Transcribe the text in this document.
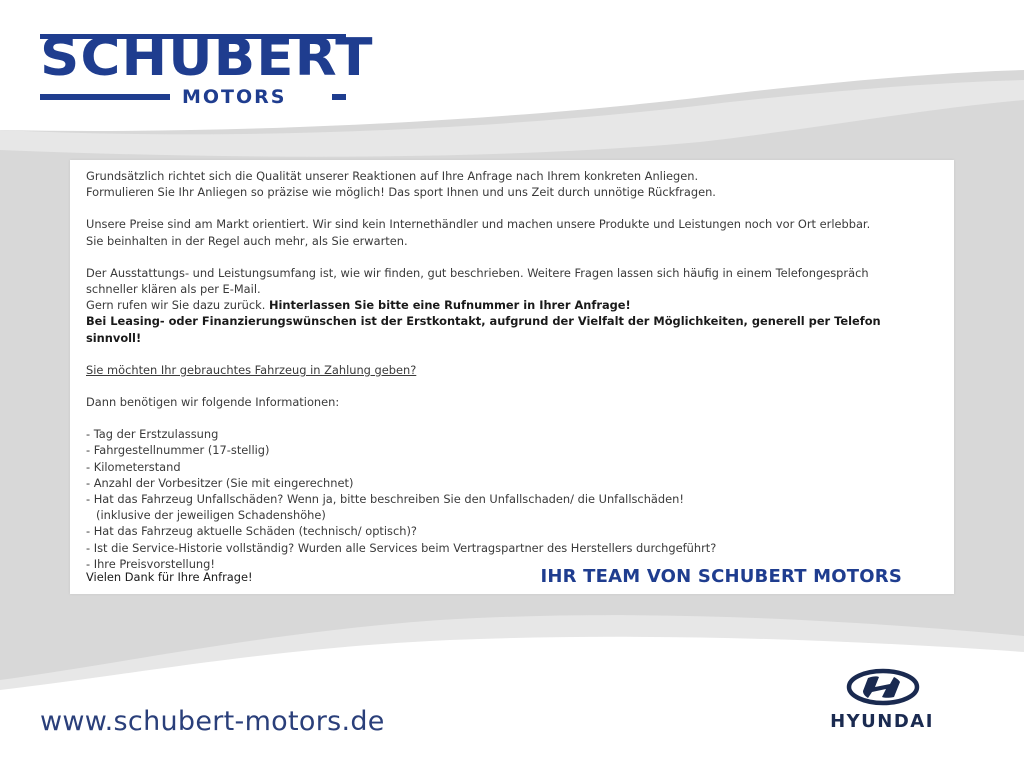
SCHUBERT
MOTORS

Grundsätzlich richtet sich die Qualität unserer Reaktionen auf Ihre Anfrage nach Ihrem konkreten Anliegen.

Formulieren Sie Ihr Anliegen so präzise wie möglich! Das sport Ihnen und uns Zeit durch unnötige Rückfragen.

Unsere Preise sind am Markt orientiert. Wir sind kein Internethändler und machen unsere Produkte und Leistungen noch vor Ort erlebbar.

Sie beinhalten in der Regel auch mehr, als Sie erwarten.

Der Ausstattungs- und Leistungsumfang ist, wie wir finden, gut beschrieben. Weitere Fragen lassen sich häufig in einem Telefongespräch

schneller klären als per E-Mail.

Gern rufen wir Sie dazu zurück. Hinterlassen Sie bitte eine Rufnummer in Ihrer Anfrage!

Bei Leasing- oder Finanzierungswünschen ist der Erstkontakt, aufgrund der Vielfalt der Möglichkeiten, generell per Telefon sinnvoll!

Sie möchten Ihr gebrauchtes Fahrzeug in Zahlung geben?

Dann benötigen wir folgende Informationen:

- Tag der Erstzulassung
- Fahrgestellnummer (17-stellig)
- Kilometerstand
- Anzahl der Vorbesitzer (Sie mit eingerechnet)
- Hat das Fahrzeug Unfallschäden? Wenn ja, bitte beschreiben Sie den Unfallschaden/ die Unfallschäden!
(inklusive der jeweiligen Schadenshöhe)
- Hat das Fahrzeug aktuelle Schäden (technisch/ optisch)?
- Ist die Service-Historie vollständig? Wurden alle Services beim Vertragspartner des Herstellers durchgeführt?
- Ihre Preisvorstellung!
Vielen Dank für Ihre Anfrage!	IHR TEAM VON SCHUBERT MOTORS
www.schubert-motors.de	HYUNDAI
